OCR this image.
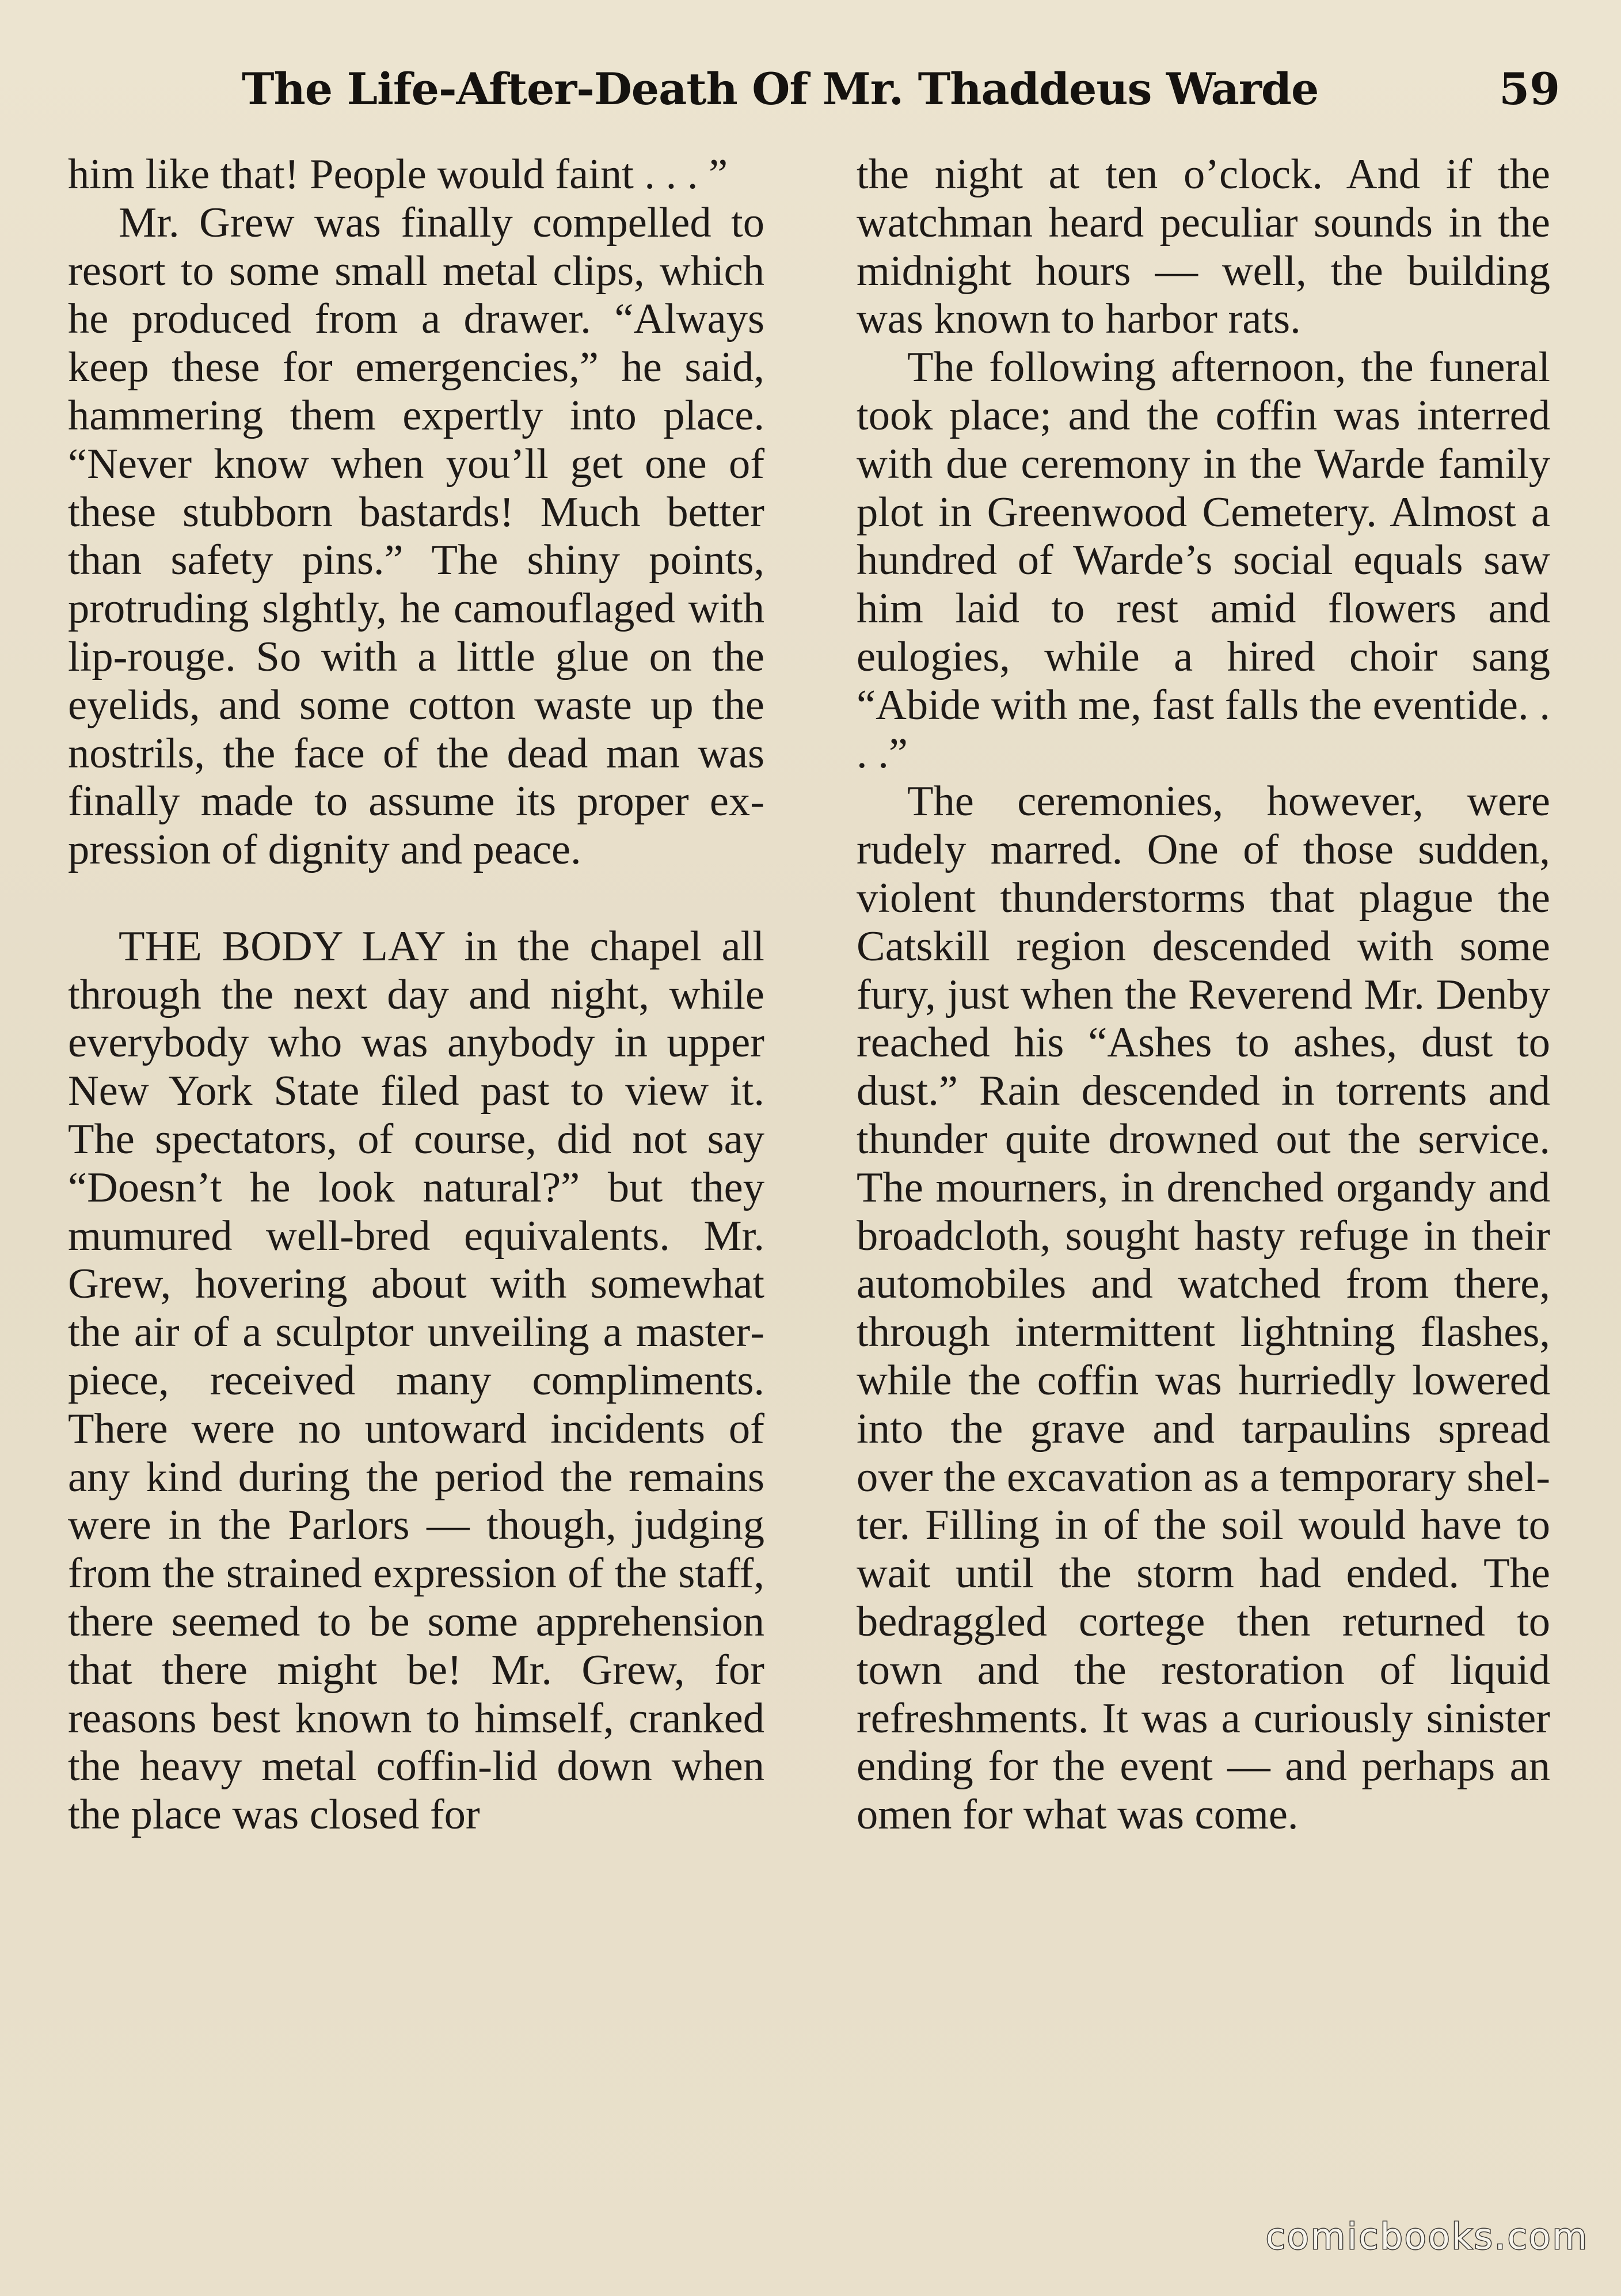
The Life-After-Death Of Mr. Thaddeus Warde	59

him like that! People would faint . . . ”

Mr. Grew was finally compelled to resort to some small metal clips, which he produced from a drawer. “Always keep these for emergencies,” he said, hammering them expertly into place. “Never know when you’ll get one of these stubborn bastards! Much better than safety pins.” The shiny points, protruding slghtly, he camouflaged with lip-rouge. So with a little glue on the eyelids, and some cotton waste up the nostrils, the face of the dead man was finally made to assume its proper expression of dignity and peace.

THE BODY LAY in the chapel all through the next day and night, while everybody who was anybody in upper New York State filed past to view it. The spectators, of course, did not say “Doesn’t he look natural?” but they mumured well-bred equivalents. Mr. Grew, hovering about with somewhat the air of a sculptor unveiling a masterpiece, received many compliments. There were no untoward incidents of any kind during the period the remains were in the Parlors — though, judging from the strained expression of the staff, there seemed to be some apprehension that there might be! Mr. Grew, for reasons best known to himself, cranked the heavy metal coffin-lid down when the place was closed for

the night at ten o’clock. And if the watchman heard peculiar sounds in the midnight hours — well, the building was known to harbor rats.

The following afternoon, the funeral took place; and the coffin was interred with due ceremony in the Warde family plot in Greenwood Cemetery. Almost a hundred of Warde’s social equals saw him laid to rest amid flowers and eulogies, while a hired choir sang “Abide with me, fast falls the eventide. . . .”

The ceremonies, however, were rudely marred. One of those sudden, violent thunderstorms that plague the Catskill region descended with some fury, just when the Reverend Mr. Denby reached his “Ashes to ashes, dust to dust.” Rain descended in torrents and thunder quite drowned out the service. The mourners, in drenched organdy and broadcloth, sought hasty refuge in their automobiles and watched from there, through intermittent lightning flashes, while the coffin was hurriedly lowered into the grave and tarpaulins spread over the excavation as a temporary shelter. Filling in of the soil would have to wait until the storm had ended. The bedraggled cortege then returned to town and the restoration of liquid refreshments. It was a curiously sinister ending for the event — and perhaps an omen for what was come.

comicbooks.com
